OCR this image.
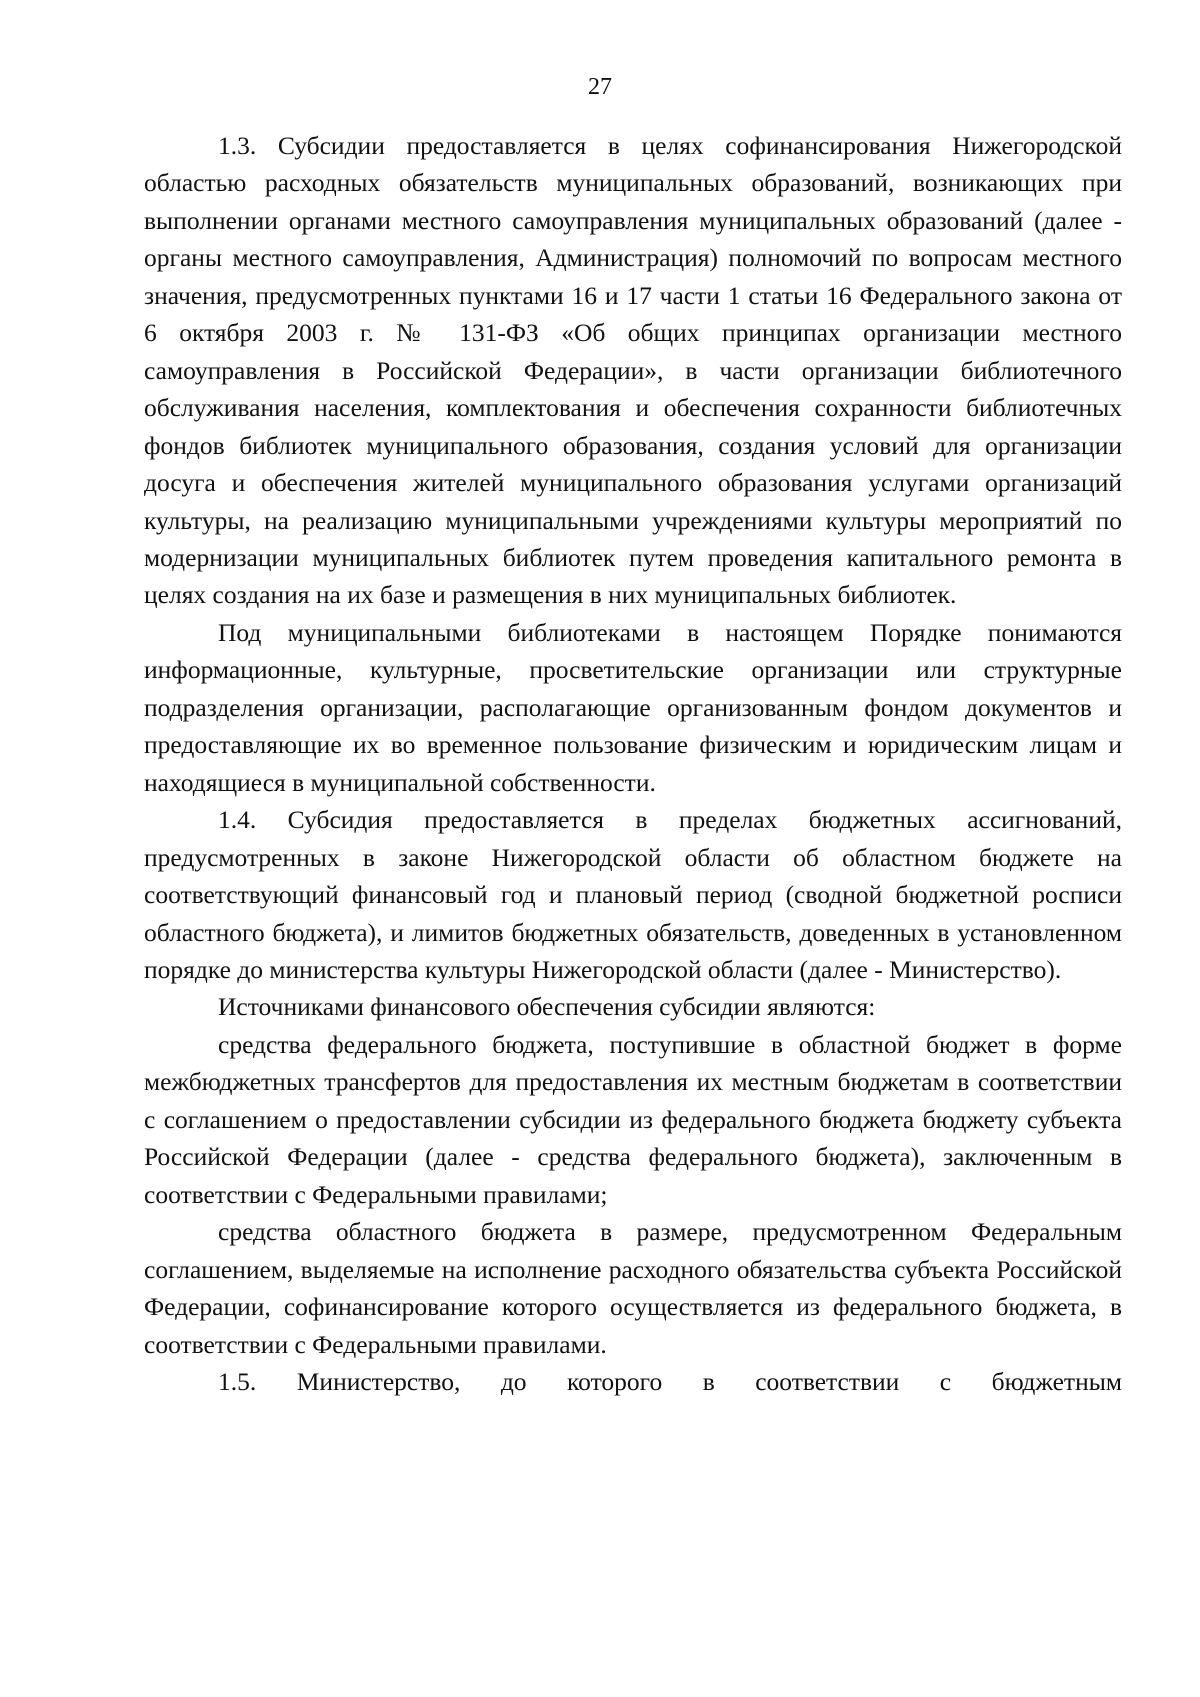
27

1.3. Субсидии предоставляется в целях софинансирования Нижегородской областью расходных обязательств муниципальных образований, возникающих при выполнении органами местного самоуправления муниципальных образований (далее - органы местного самоуправления, Администрация) полномочий по вопросам местного значения, предусмотренных пунктами 16 и 17 части 1 статьи 16 Федерального закона от 6 октября 2003 г. № 131-ФЗ «Об общих принципах организации местного самоуправления в Российской Федерации», в части организации библиотечного обслуживания населения, комплектования и обеспечения сохранности библиотечных фондов библиотек муниципального образования, создания условий для организации досуга и обеспечения жителей муниципального образования услугами организаций культуры, на реализацию муниципальными учреждениями культуры мероприятий по модернизации муниципальных библиотек путем проведения капитального ремонта в целях создания на их базе и размещения в них муниципальных библиотек.

Под муниципальными библиотеками в настоящем Порядке понимаются информационные, культурные, просветительские организации или структурные подразделения организации, располагающие организованным фондом документов и предоставляющие их во временное пользование физическим и юридическим лицам и находящиеся в муниципальной собственности.

1.4. Субсидия предоставляется в пределах бюджетных ассигнований, предусмотренных в законе Нижегородской области об областном бюджете на соответствующий финансовый год и плановый период (сводной бюджетной росписи областного бюджета), и лимитов бюджетных обязательств, доведенных в установленном порядке до министерства культуры Нижегородской области (далее - Министерство).

Источниками финансового обеспечения субсидии являются:

средства федерального бюджета, поступившие в областной бюджет в форме межбюджетных трансфертов для предоставления их местным бюджетам в соответствии с соглашением о предоставлении субсидии из федерального бюджета бюджету субъекта Российской Федерации (далее - средства федерального бюджета), заключенным в соответствии с Федеральными правилами;

средства областного бюджета в размере, предусмотренном Федеральным соглашением, выделяемые на исполнение расходного обязательства субъекта Российской Федерации, софинансирование которого осуществляется из федерального бюджета, в соответствии с Федеральными правилами.

1.5. Министерство, до которого в соответствии с бюджетным
